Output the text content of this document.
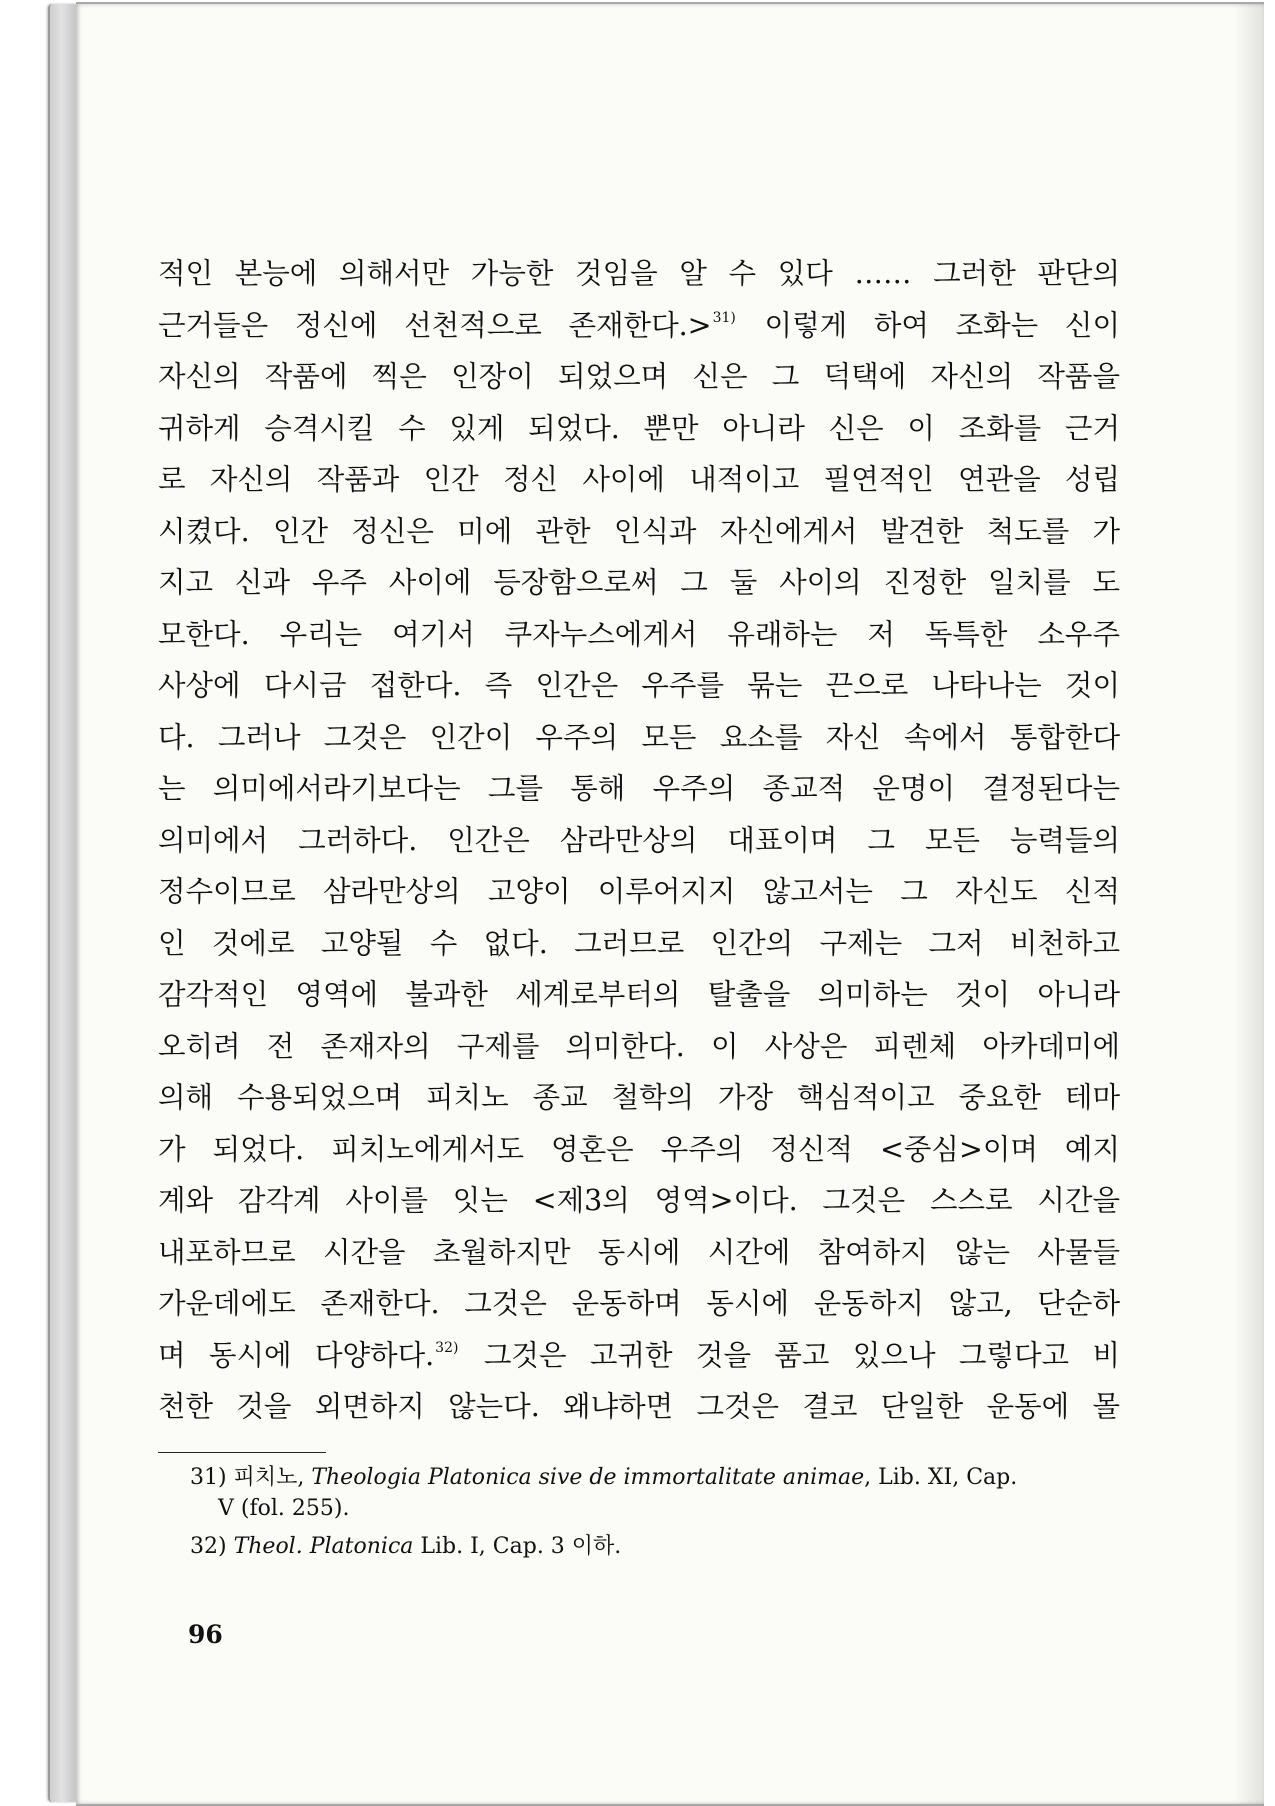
적인 본능에 의해서만 가능한 것임을 알 수 있다 …… 그러한 판단의
근거들은 정신에 선천적으로 존재한다.>$^{31)}$ 이렇게 하여 조화는 신이
자신의 작품에 찍은 인장이 되었으며 신은 그 덕택에 자신의 작품을
귀하게 승격시킬 수 있게 되었다. 뿐만 아니라 신은 이 조화를 근거
로 자신의 작품과 인간 정신 사이에 내적이고 필연적인 연관을 성립
시켰다. 인간 정신은 미에 관한 인식과 자신에게서 발견한 척도를 가
지고 신과 우주 사이에 등장함으로써 그 둘 사이의 진정한 일치를 도
모한다. 우리는 여기서 쿠자누스에게서 유래하는 저 독특한 소우주
사상에 다시금 접한다. 즉 인간은 우주를 묶는 끈으로 나타나는 것이
다. 그러나 그것은 인간이 우주의 모든 요소를 자신 속에서 통합한다
는 의미에서라기보다는 그를 통해 우주의 종교적 운명이 결정된다는
의미에서 그러하다. 인간은 삼라만상의 대표이며 그 모든 능력들의
정수이므로 삼라만상의 고양이 이루어지지 않고서는 그 자신도 신적
인 것에로 고양될 수 없다. 그러므로 인간의 구제는 그저 비천하고
감각적인 영역에 불과한 세계로부터의 탈출을 의미하는 것이 아니라
오히려 전 존재자의 구제를 의미한다. 이 사상은 피렌체 아카데미에
의해 수용되었으며 피치노 종교 철학의 가장 핵심적이고 중요한 테마
가 되었다. 피치노에게서도 영혼은 우주의 정신적 <중심>이며 예지
계와 감각계 사이를 잇는 <제3의 영역>이다. 그것은 스스로 시간을
내포하므로 시간을 초월하지만 동시에 시간에 참여하지 않는 사물들
가운데에도 존재한다. 그것은 운동하며 동시에 운동하지 않고, 단순하
며 동시에 다양하다.$^{32)}$ 그것은 고귀한 것을 품고 있으나 그렇다고 비
천한 것을 외면하지 않는다. 왜냐하면 그것은 결코 단일한 운동에 몰
31) 피치노, Theologia Platonica sive de immortalitate animae, Lib. XI, Cap.
V (fol. 255).
32) Theol. Platonica Lib. I, Cap. 3 이하.
96
